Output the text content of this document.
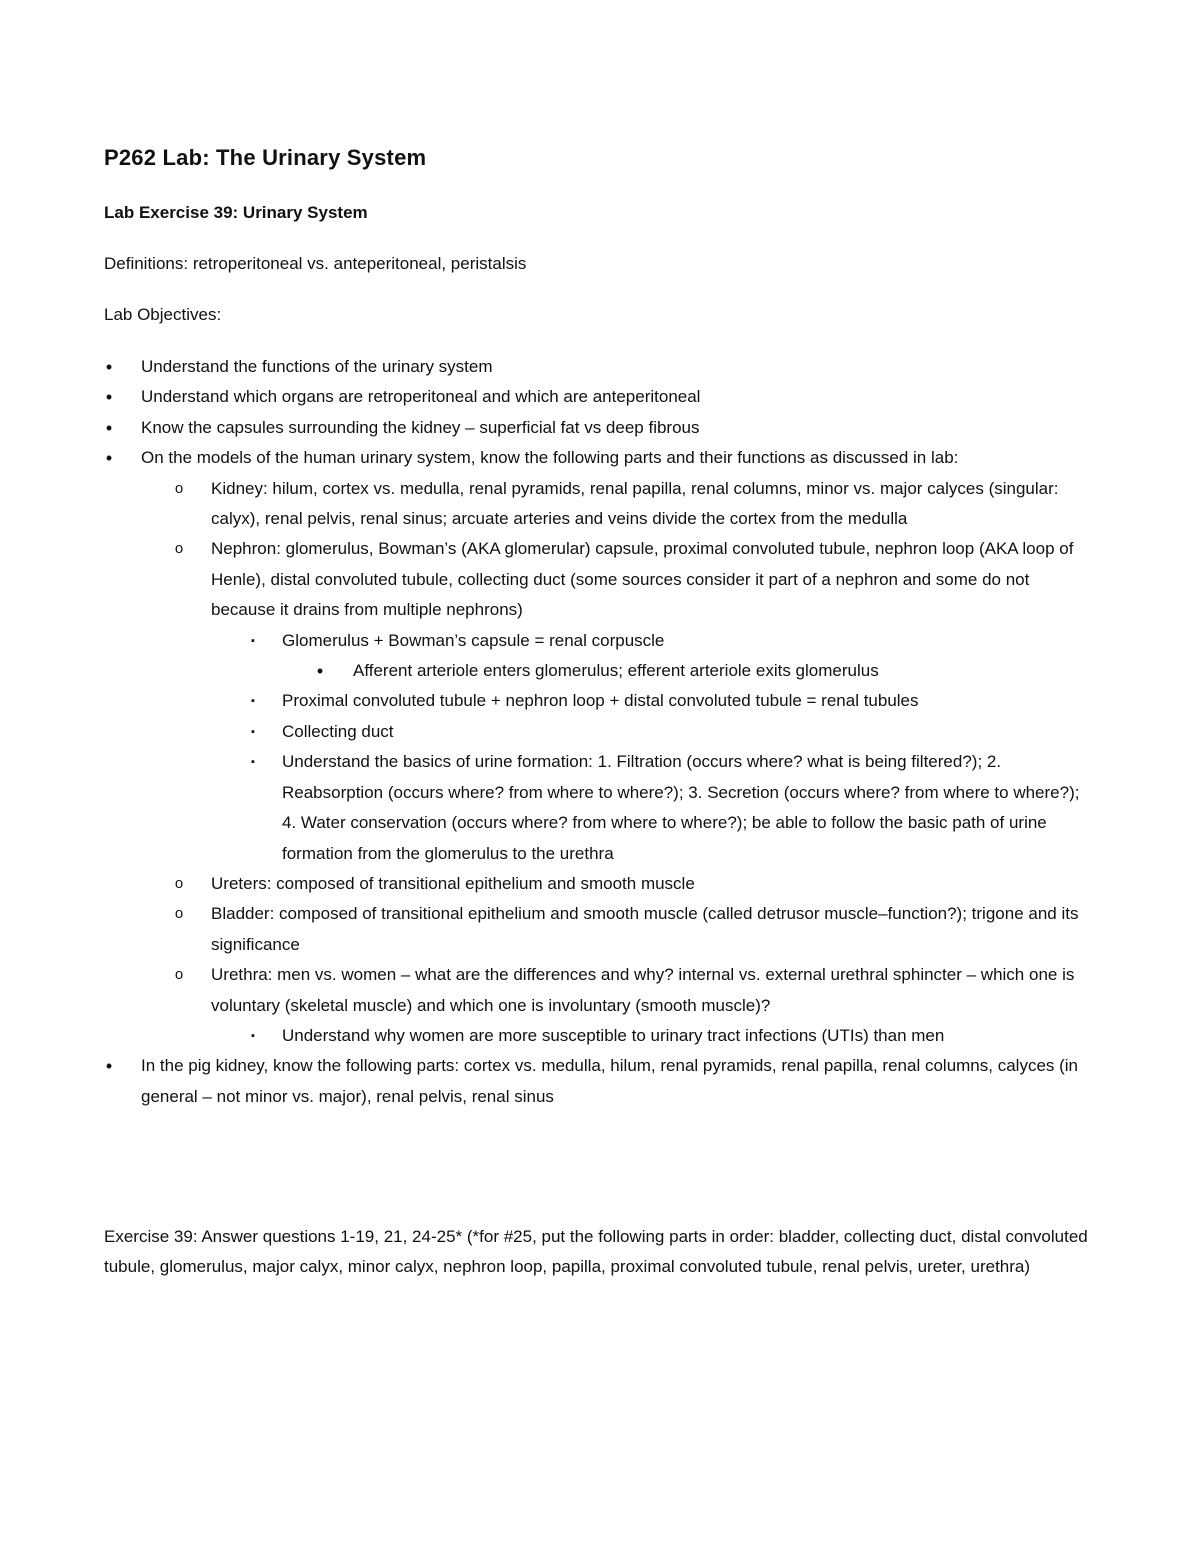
P262 Lab: The Urinary System
Lab Exercise 39: Urinary System

Definitions: retroperitoneal vs. anteperitoneal, peristalsis

Lab Objectives:

• Understand the functions of the urinary system
• Understand which organs are retroperitoneal and which are anteperitoneal
• Know the capsules surrounding the kidney – superficial fat vs deep fibrous
• On the models of the human urinary system, know the following parts and their functions as discussed in lab:
o Kidney: hilum, cortex vs. medulla, renal pyramids, renal papilla, renal columns, minor vs. major calyces (singular: calyx), renal pelvis, renal sinus; arcuate arteries and veins divide the cortex from the medulla
o Nephron: glomerulus, Bowman’s (AKA glomerular) capsule, proximal convoluted tubule, nephron loop (AKA loop of Henle), distal convoluted tubule, collecting duct (some sources consider it part of a nephron and some do not because it drains from multiple nephrons)
▪ Glomerulus + Bowman’s capsule = renal corpuscle
• Afferent arteriole enters glomerulus; efferent arteriole exits glomerulus
▪ Proximal convoluted tubule + nephron loop + distal convoluted tubule = renal tubules
▪ Collecting duct
▪ Understand the basics of urine formation: 1. Filtration (occurs where? what is being filtered?); 2. Reabsorption (occurs where? from where to where?); 3. Secretion (occurs where? from where to where?); 4. Water conservation (occurs where? from where to where?); be able to follow the basic path of urine formation from the glomerulus to the urethra
o Ureters: composed of transitional epithelium and smooth muscle
o Bladder: composed of transitional epithelium and smooth muscle (called detrusor muscle–function?); trigone and its significance
o Urethra: men vs. women – what are the differences and why? internal vs. external urethral sphincter – which one is voluntary (skeletal muscle) and which one is involuntary (smooth muscle)?
▪ Understand why women are more susceptible to urinary tract infections (UTIs) than men
• In the pig kidney, know the following parts: cortex vs. medulla, hilum, renal pyramids, renal papilla, renal columns, calyces (in general – not minor vs. major), renal pelvis, renal sinus

Exercise 39: Answer questions 1-19, 21, 24-25* (*for #25, put the following parts in order: bladder, collecting duct, distal convoluted tubule, glomerulus, major calyx, minor calyx, nephron loop, papilla, proximal convoluted tubule, renal pelvis, ureter, urethra)
